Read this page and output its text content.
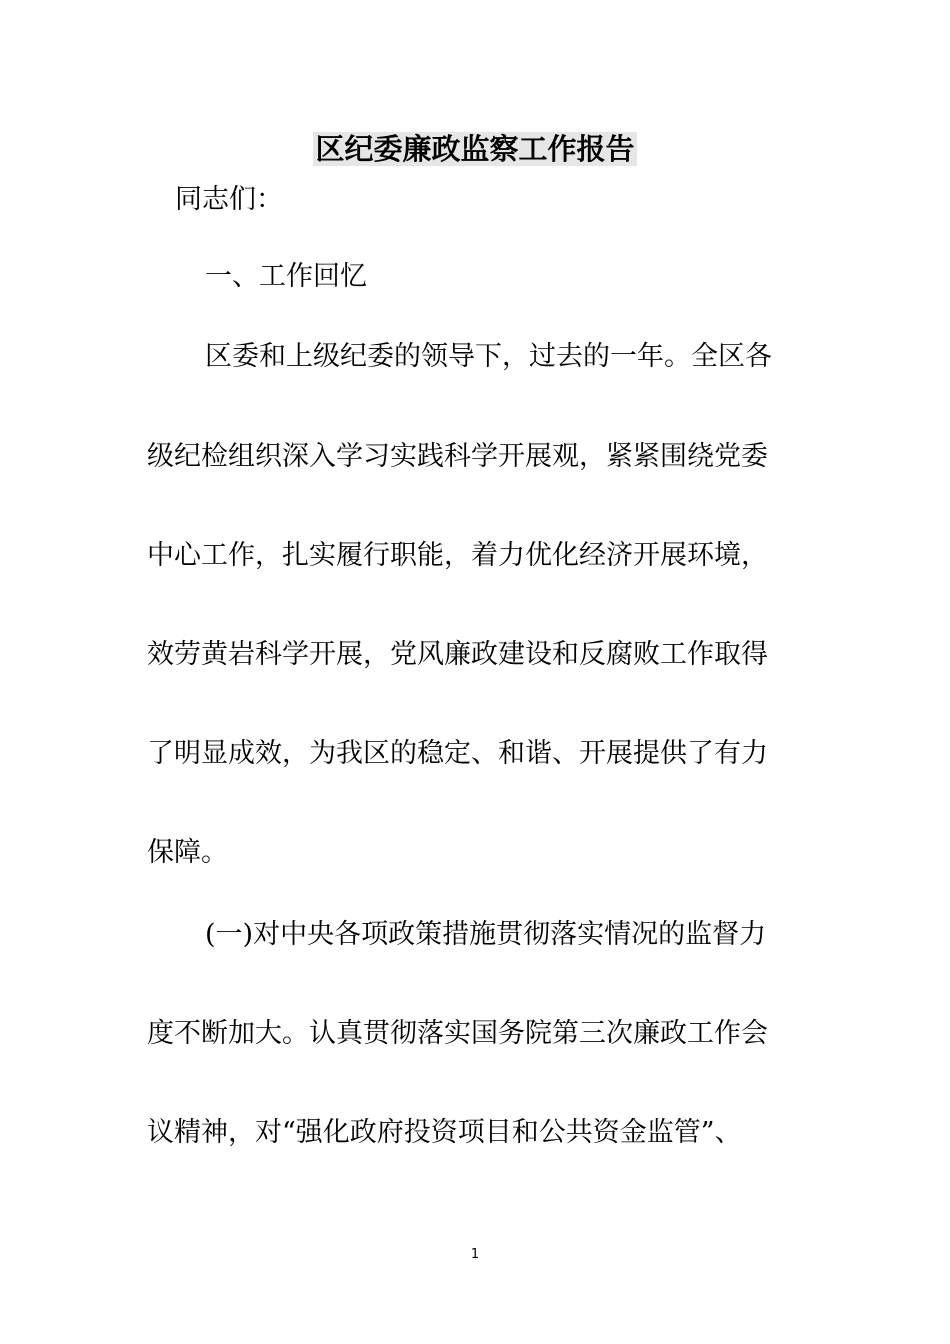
区纪委廉政监察工作报告
同志们：
一、工作回忆
区委和上级纪委的领导下，过去的一年。全区各
级纪检组织深入学习实践科学开展观，紧紧围绕党委
中心工作，扎实履行职能，着力优化经济开展环境，
效劳黄岩科学开展，党风廉政建设和反腐败工作取得
了明显成效，为我区的稳定、和谐、开展提供了有力
保障。
(一)对中央各项政策措施贯彻落实情况的监督力
度不断加大。认真贯彻落实国务院第三次廉政工作会
议精神，对“强化政府投资项目和公共资金监管”、
1
